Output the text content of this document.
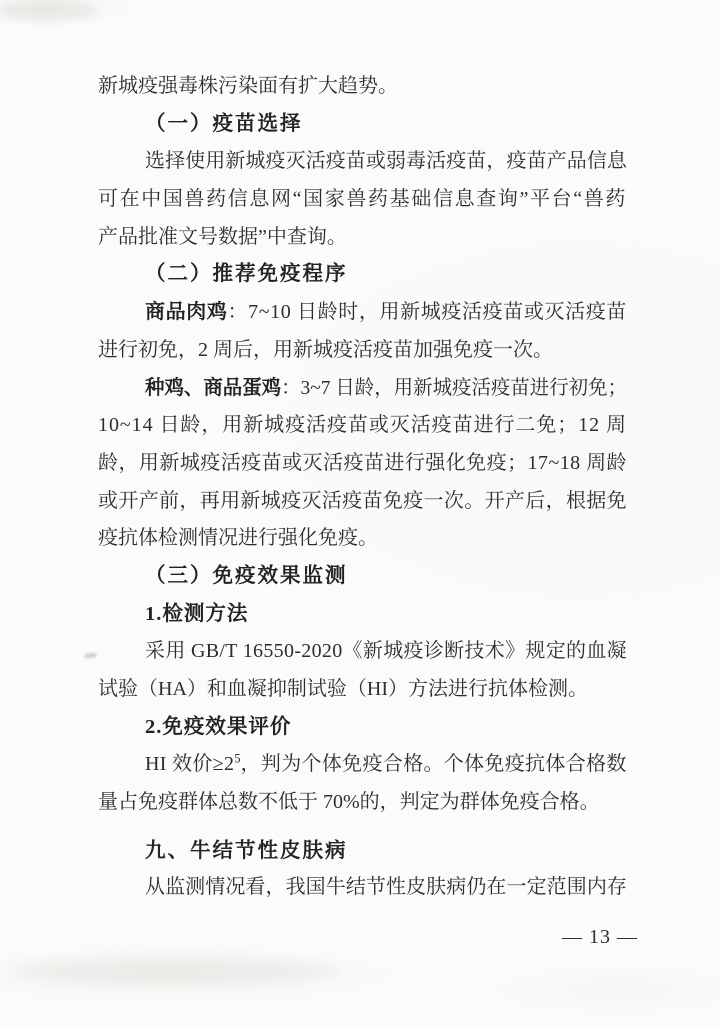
新城疫强毒株污染面有扩大趋势。
（一）疫苗选择
选择使用新城疫灭活疫苗或弱毒活疫苗，疫苗产品信息
可在中国兽药信息网“国家兽药基础信息查询”平台“兽药
产品批准文号数据”中查询。
（二）推荐免疫程序
商品肉鸡：7~10 日龄时，用新城疫活疫苗或灭活疫苗
进行初免，2 周后，用新城疫活疫苗加强免疫一次。
种鸡、商品蛋鸡：3~7 日龄，用新城疫活疫苗进行初免；
10~14 日龄，用新城疫活疫苗或灭活疫苗进行二免；12 周
龄，用新城疫活疫苗或灭活疫苗进行强化免疫；17~18 周龄
或开产前，再用新城疫灭活疫苗免疫一次。开产后，根据免
疫抗体检测情况进行强化免疫。
（三）免疫效果监测
1.检测方法
采用 GB/T 16550-2020《新城疫诊断技术》规定的血凝
试验（HA）和血凝抑制试验（HI）方法进行抗体检测。
2.免疫效果评价
HI 效价$\ge 2^5$，判为个体免疫合格。个体免疫抗体合格数
量占免疫群体总数不低于 70%的，判定为群体免疫合格。
九、牛结节性皮肤病
从监测情况看，我国牛结节性皮肤病仍在一定范围内存
— 13 —
